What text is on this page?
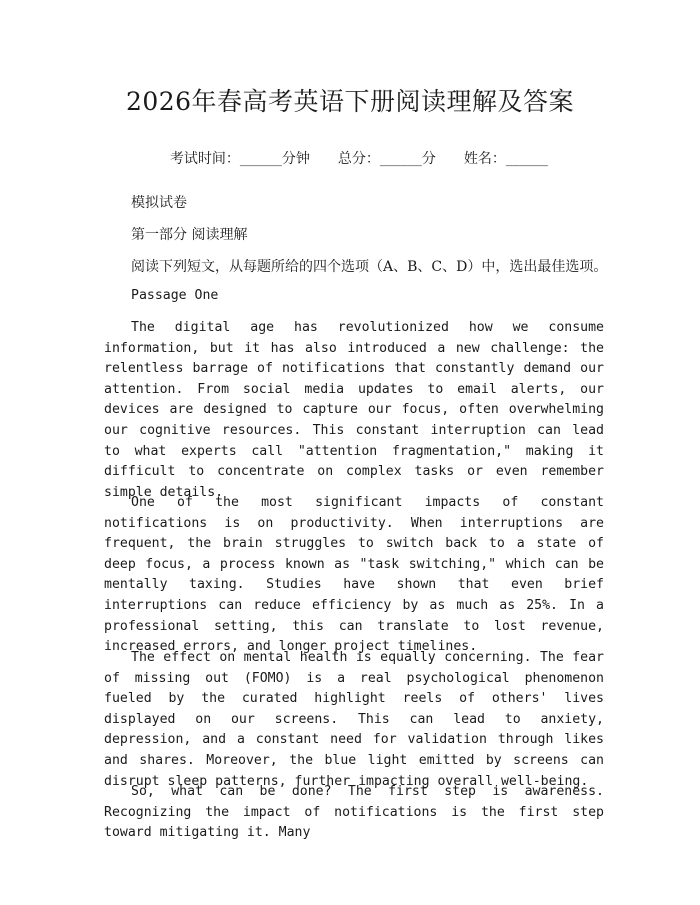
2026年春高考英语下册阅读理解及答案

考试时间：______分钟 总分：______分 姓名：______

模拟试卷
第一部分 阅读理解
阅读下列短文，从每题所给的四个选项（A、B、C、D）中，选出最佳选项。
Passage One

The digital age has revolutionized how we consume information, but it has also introduced a new challenge: the relentless barrage of notifications that constantly demand our attention. From social media updates to email alerts, our devices are designed to capture our focus, often overwhelming our cognitive resources. This constant interruption can lead to what experts call "attention fragmentation," making it difficult to concentrate on complex tasks or even remember simple details.

One of the most significant impacts of constant notifications is on productivity. When interruptions are frequent, the brain struggles to switch back to a state of deep focus, a process known as "task switching," which can be mentally taxing. Studies have shown that even brief interruptions can reduce efficiency by as much as 25%. In a professional setting, this can translate to lost revenue, increased errors, and longer project timelines.

The effect on mental health is equally concerning. The fear of missing out (FOMO) is a real psychological phenomenon fueled by the curated highlight reels of others' lives displayed on our screens. This can lead to anxiety, depression, and a constant need for validation through likes and shares. Moreover, the blue light emitted by screens can disrupt sleep patterns, further impacting overall well-being.

So, what can be done? The first step is awareness. Recognizing the impact of notifications is the first step toward mitigating it. Many
